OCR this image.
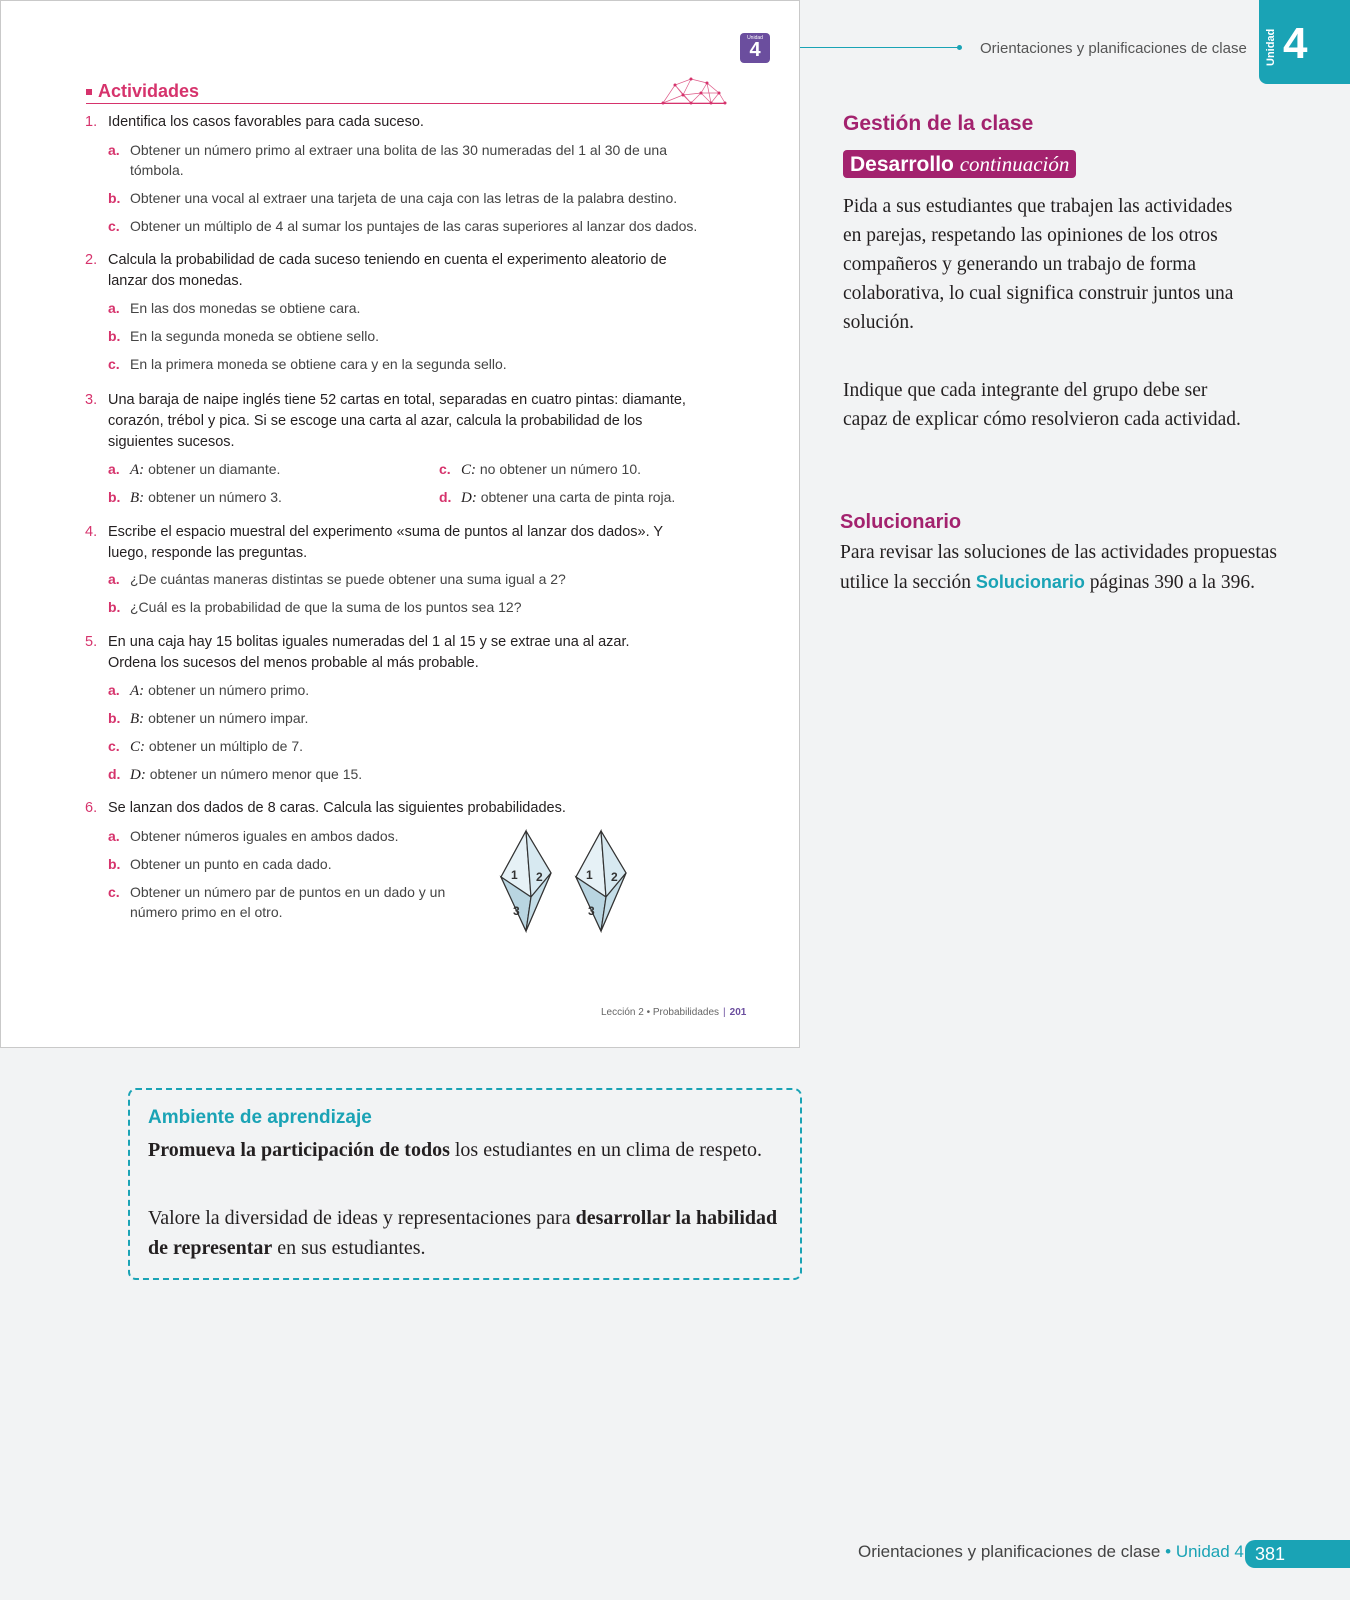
Orientaciones y planificaciones de clase Unidad 4
Unidad
4
Actividades
1. Identifica los casos favorables para cada suceso.
a. Obtener un número primo al extraer una bolita de las 30 numeradas del 1 al 30 de una tómbola.
b. Obtener una vocal al extraer una tarjeta de una caja con las letras de la palabra destino.
c. Obtener un múltiplo de 4 al sumar los puntajes de las caras superiores al lanzar dos dados.
2. Calcula la probabilidad de cada suceso teniendo en cuenta el experimento aleatorio de lanzar dos monedas.
a. En las dos monedas se obtiene cara.
b. En la segunda moneda se obtiene sello.
c. En la primera moneda se obtiene cara y en la segunda sello.
3. Una baraja de naipe inglés tiene 52 cartas en total, separadas en cuatro pintas: diamante, corazón, trébol y pica. Si se escoge una carta al azar, calcula la probabilidad de los siguientes sucesos.
a. A: obtener un diamante.
b. B: obtener un número 3.
c. C: no obtener un número 10.
d. D: obtener una carta de pinta roja.
4. Escribe el espacio muestral del experimento «suma de puntos al lanzar dos dados». Y luego, responde las preguntas.
a. ¿De cuántas maneras distintas se puede obtener una suma igual a 2?
b. ¿Cuál es la probabilidad de que la suma de los puntos sea 12?
5. En una caja hay 15 bolitas iguales numeradas del 1 al 15 y se extrae una al azar. Ordena los sucesos del menos probable al más probable.
a. A: obtener un número primo.
b. B: obtener un número impar.
c. C: obtener un múltiplo de 7.
d. D: obtener un número menor que 15.
6. Se lanzan dos dados de 8 caras. Calcula las siguientes probabilidades.
a. Obtener números iguales en ambos dados.
b. Obtener un punto en cada dado.
c. Obtener un número par de puntos en un dado y un número primo en el otro.
1 2
3
1 2
3
Lección 2 • Probabilidades | 201
Gestión de la clase
Desarrollo continuación
Pida a sus estudiantes que trabajen las actividades en parejas, respetando las opiniones de los otros compañeros y generando un trabajo de forma colaborativa, lo cual significa construir juntos una solución.
Indique que cada integrante del grupo debe ser capaz de explicar cómo resolvieron cada actividad.
Solucionario
Para revisar las soluciones de las actividades propuestas utilice la sección Solucionario páginas 390 a la 396.
Ambiente de aprendizaje
Promueva la participación de todos los estudiantes en un clima de respeto.
Valore la diversidad de ideas y representaciones para desarrollar la habilidad de representar en sus estudiantes.
Orientaciones y planificaciones de clase • Unidad 4 381
